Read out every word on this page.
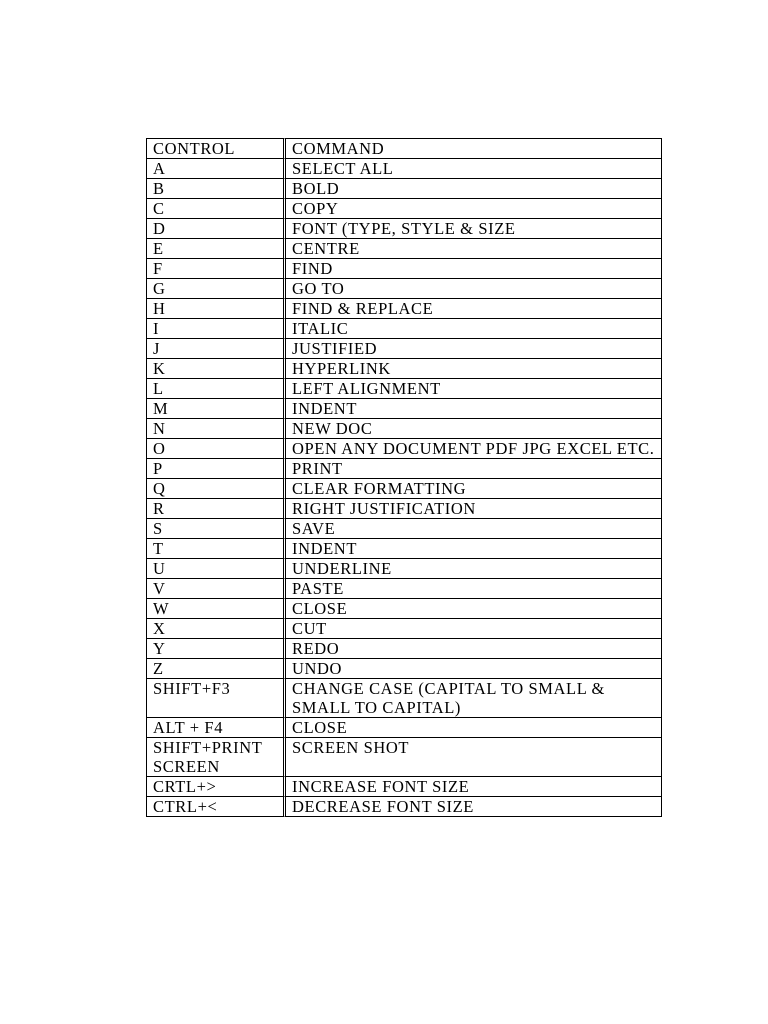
CONTROL	COMMAND
A	SELECT ALL
B	BOLD
C	COPY
D	FONT (TYPE, STYLE & SIZE
E	CENTRE
F	FIND
G	GO TO
H	FIND & REPLACE
I	ITALIC
J	JUSTIFIED
K	HYPERLINK
L	LEFT ALIGNMENT
M	INDENT
N	NEW DOC
O	OPEN ANY DOCUMENT PDF JPG EXCEL ETC.
P	PRINT
Q	CLEAR FORMATTING
R	RIGHT JUSTIFICATION
S	SAVE
T	INDENT
U	UNDERLINE
V	PASTE
W	CLOSE
X	CUT
Y	REDO
Z	UNDO
SHIFT+F3	CHANGE CASE (CAPITAL TO SMALL & SMALL TO CAPITAL)
ALT + F4	CLOSE
SHIFT+PRINT SCREEN	SCREEN SHOT
CRTL+>	INCREASE FONT SIZE
CTRL+<	DECREASE FONT SIZE
